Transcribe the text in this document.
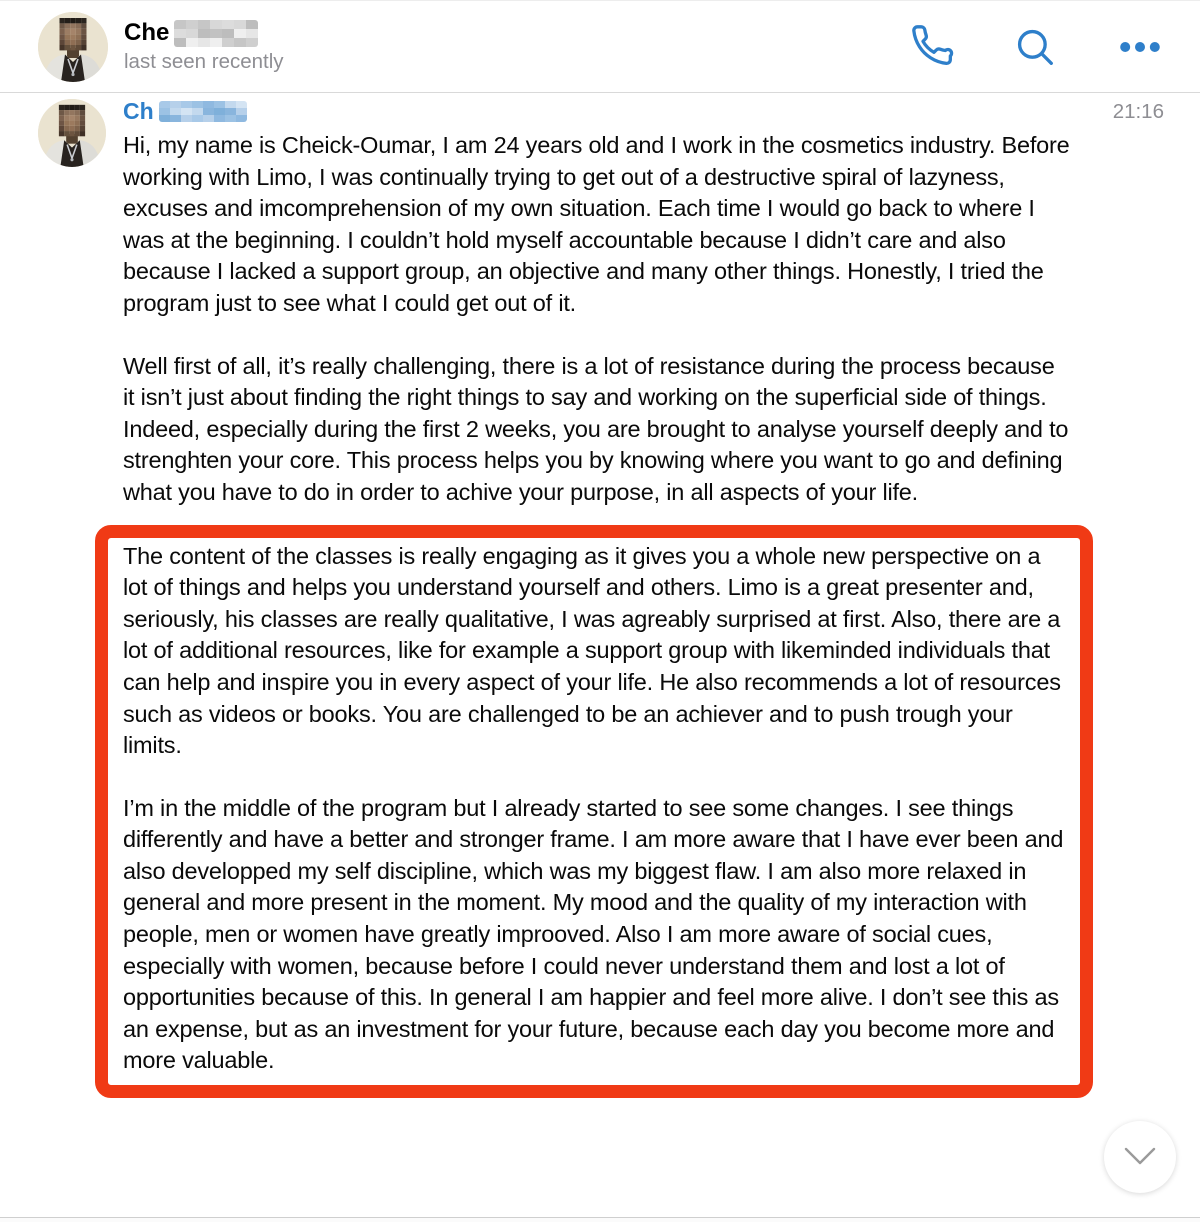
Che
last seen recently
Ch	21:16

Hi, my name is Cheick-Oumar, I am 24 years old and I work in the cosmetics industry. Before working with Limo, I was continually trying to get out of a destructive spiral of lazyness, excuses and imcomprehension of my own situation. Each time I would go back to where I was at the beginning. I couldn’t hold myself accountable because I didn’t care and also because I lacked a support group, an objective and many other things. Honestly, I tried the program just to see what I could get out of it.

Well first of all, it’s really challenging, there is a lot of resistance during the process because it isn’t just about finding the right things to say and working on the superficial side of things. Indeed, especially during the first 2 weeks, you are brought to analyse yourself deeply and to strenghten your core. This process helps you by knowing where you want to go and defining what you have to do in order to achive your purpose, in all aspects of your life.

The content of the classes is really engaging as it gives you a whole new perspective on a lot of things and helps you understand yourself and others. Limo is a great presenter and, seriously, his classes are really qualitative, I was agreably surprised at first. Also, there are a lot of additional resources, like for example a support group with likeminded individuals that can help and inspire you in every aspect of your life. He also recommends a lot of resources such as videos or books. You are challenged to be an achiever and to push trough your limits.

I’m in the middle of the program but I already started to see some changes. I see things differently and have a better and stronger frame. I am more aware that I have ever been and also developped my self discipline, which was my biggest flaw. I am also more relaxed in general and more present in the moment. My mood and the quality of my interaction with people, men or women have greatly improoved. Also I am more aware of social cues, especially with women, because before I could never understand them and lost a lot of opportunities because of this. In general I am happier and feel more alive. I don’t see this as an expense, but as an investment for your future, because each day you become more and more valuable.
